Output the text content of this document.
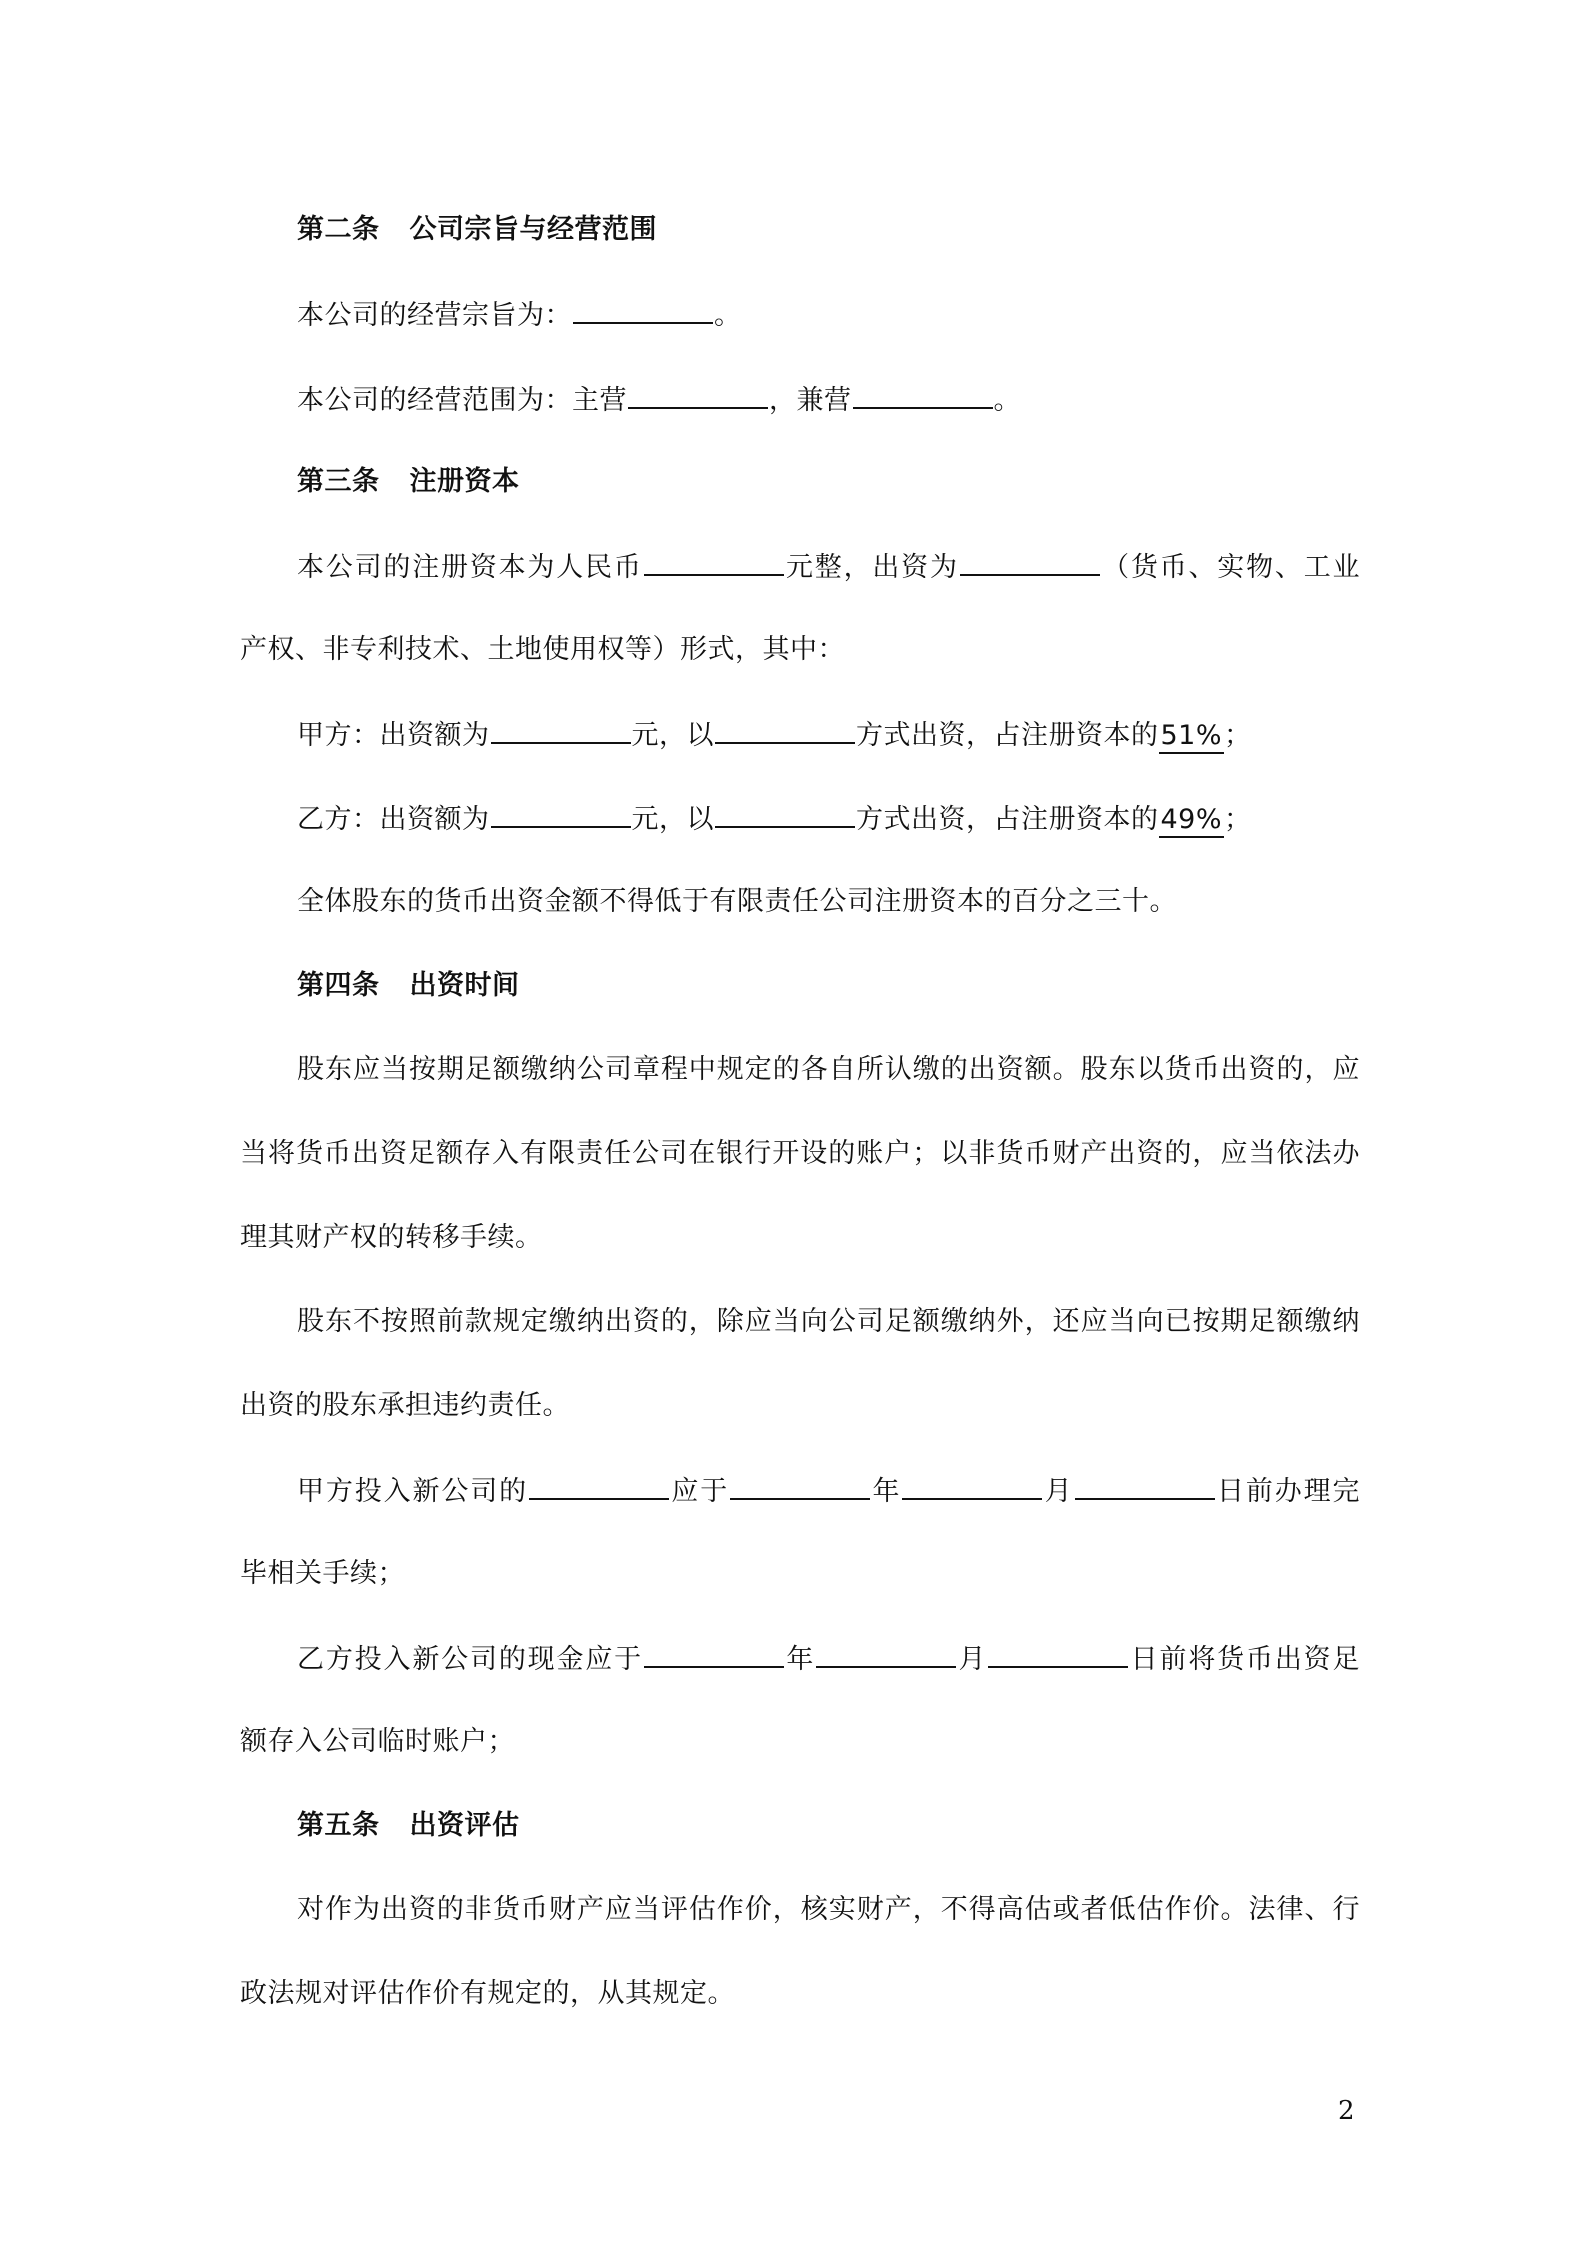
第二条 公司宗旨与经营范围
本公司的经营宗旨为：	。
本公司的经营范围为：主营	，兼营	。
第三条 注册资本
本公司的注册资本为人民币	元整，出资为	（货币、实物、工业
产权、非专利技术、土地使用权等）形式，其中：
甲方：出资额为	元，以	方式出资，占注册资本的51%；
乙方：出资额为	元，以	方式出资，占注册资本的49%；
全体股东的货币出资金额不得低于有限责任公司注册资本的百分之三十。
第四条 出资时间
股东应当按期足额缴纳公司章程中规定的各自所认缴的出资额。股东以货币出资的，应
当将货币出资足额存入有限责任公司在银行开设的账户；以非货币财产出资的，应当依法办
理其财产权的转移手续。
股东不按照前款规定缴纳出资的，除应当向公司足额缴纳外，还应当向已按期足额缴纳
出资的股东承担违约责任。
甲方投入新公司的	应于	年	月	日前办理完
毕相关手续；
乙方投入新公司的现金应于	年	月	日前将货币出资足
额存入公司临时账户；
第五条 出资评估
对作为出资的非货币财产应当评估作价，核实财产，不得高估或者低估作价。法律、行
政法规对评估作价有规定的，从其规定。
2
